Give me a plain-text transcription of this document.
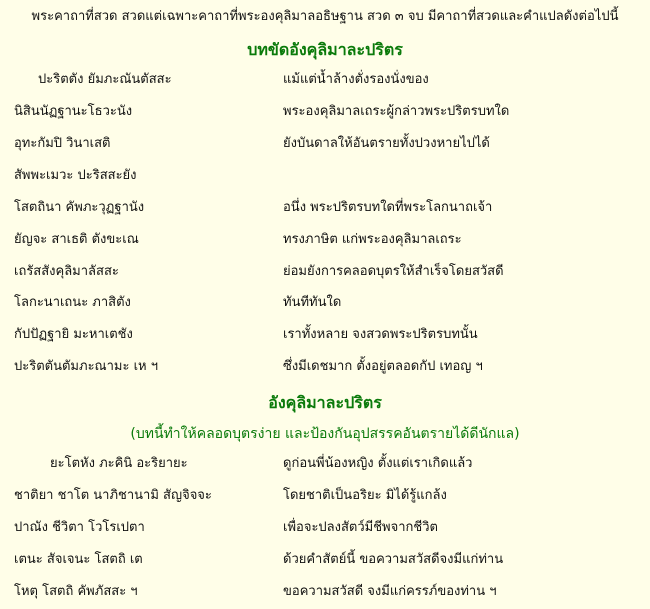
พระคาถาที่สวด สวดแต่เฉพาะคาถาที่พระองคุลิมาลอธิษฐาน สวด ๓ จบ มีคาถาที่สวดและคำแปลดังต่อไปนี้
บทขัดอังคุลิมาละปริตร
ปะริตตัง ยัมภะณันตัสสะ	แม้แต่น้ำล้างตั่งรองนั่งของ
นิสินนัฏฐานะโธวะนัง	พระองคุลิมาลเถระผู้กล่าวพระปริตรบทใด
อุทะกัมปิ วินาเสติ	ยังบันดาลให้อันตรายทั้งปวงหายไปได้
สัพพะเมวะ ปะริสสะยัง
โสตถินา คัพภะวุฏฐานัง	อนึ่ง พระปริตรบทใดที่พระโลกนาถเจ้า
ยัญจะ สาเธติ ตังขะเณ	ทรงภาษิต แก่พระองคุลิมาลเถระ
เถรัสสังคุลิมาลัสสะ	ย่อมยังการคลอดบุตรให้สำเร็จโดยสวัสดี
โลกะนาเถนะ ภาสิตัง	ทันทีทันใด
กัปปัฏฐายิ มะหาเตชัง	เราทั้งหลาย จงสวดพระปริตรบทนั้น
ปะริตตันตัมภะณามะ เห ฯ	ซึ่งมีเดชมาก ตั้งอยู่ตลอดกัป เทอญ ฯ
อังคุลิมาละปริตร
(บทนี้ทำให้คลอดบุตรง่าย และป้องกันอุปสรรคอันตรายได้ดีนักแล)
ยะโตหัง ภะคินิ อะริยายะ	ดูก่อนพี่น้องหญิง ตั้งแต่เราเกิดแล้ว
ชาติยา ชาโต นาภิชานามิ สัญจิจจะ	โดยชาติเป็นอริยะ มิได้รู้แกล้ง
ปาณัง ชีวิตา โวโรเปตา	เพื่อจะปลงสัตว์มีชีพจากชีวิต
เตนะ สัจเจนะ โสตถิ เต	ด้วยคำสัตย์นี้ ขอความสวัสดีจงมีแก่ท่าน
โหตุ โสตถิ คัพภัสสะ ฯ	ขอความสวัสดี จงมีแก่ครรภ์ของท่าน ฯ
